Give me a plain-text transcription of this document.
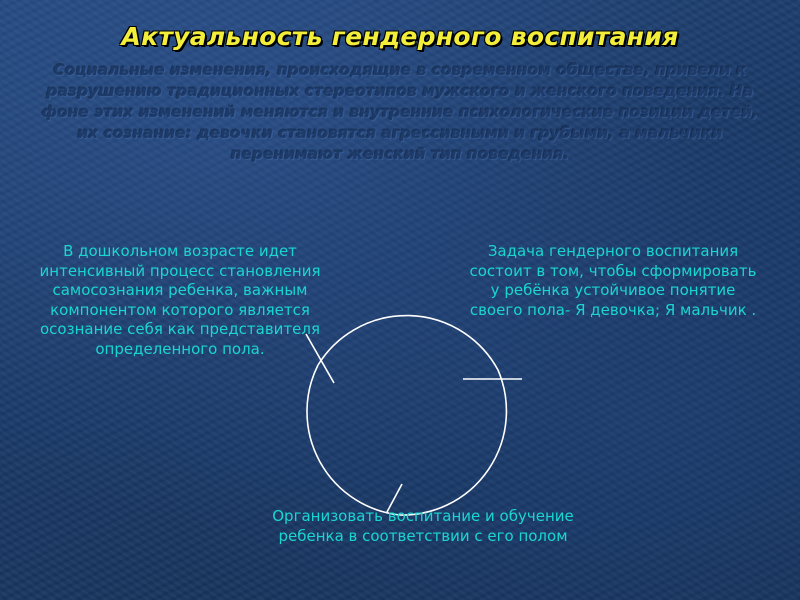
Актуальность гендерного воспитания
Социальные изменения, происходящие в современном обществе, привели к разрушению традиционных стереотипов мужского и женского поведения. На фоне этих изменений меняются и внутренние психологические позиции детей, их сознание: девочки становятся агрессивными и грубыми, а мальчики перенимают женский тип поведения.
В дошкольном возрасте идет интенсивный процесс становления самосознания ребенка, важным компонентом которого является осознание себя как представителя определенного пола.
Задача гендерного воспитания состоит в том, чтобы сформировать у ребёнка устойчивое понятие своего пола- Я девочка; Я мальчик .
Организовать воспитание и обучение ребенка в соответствии с его полом
